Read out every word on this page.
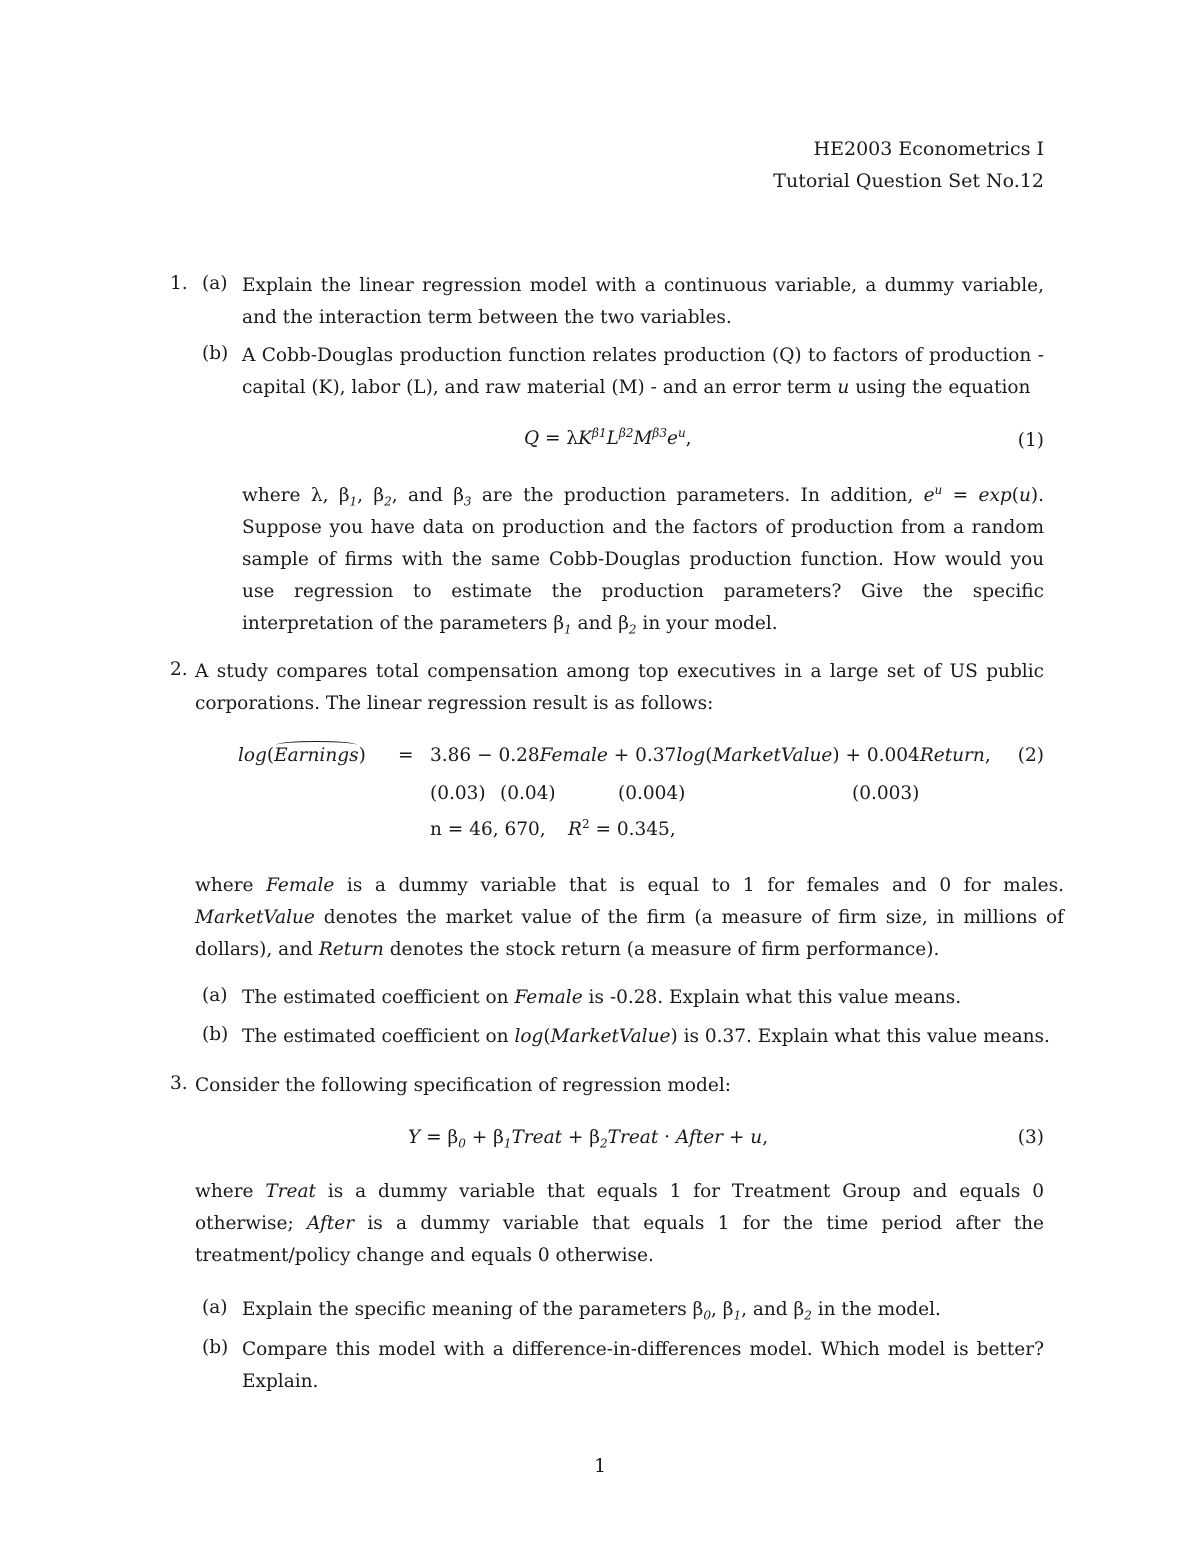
HE2003 Econometrics I
Tutorial Question Set No.12
1. (a) Explain the linear regression model with a continuous variable, a dummy variable, and the interaction term between the two variables.
(b) A Cobb-Douglas production function relates production (Q) to factors of production - capital (K), labor (L), and raw material (M) - and an error term u using the equation
$Q = \lambda K^{\beta 1}L^{\beta 2}M^{\beta 3}e^u$,	(1)
where λ, $\beta_1$, $\beta_2$, and $\beta_3$ are the production parameters. In addition, $e^u = \exp(u)$. Suppose you have data on production and the factors of production from a random sample of firms with the same Cobb-Douglas production function. How would you use regression to estimate the production parameters? Give the specific interpretation of the parameters $\beta_1$ and $\beta_2$ in your model.
2. A study compares total compensation among top executives in a large set of US public corporations. The linear regression result is as follows:
log(Earnings) = 3.86 − 0.28Female + 0.37log(MarketValue) + 0.004Return, (2)
(0.03) (0.04)	(0.004)	(0.003)
n = 46, 670, $R^2 = 0.345$,
where Female is a dummy variable that is equal to 1 for females and 0 for males. MarketValue denotes the market value of the firm (a measure of firm size, in millions of dollars), and Return denotes the stock return (a measure of firm performance).
(a) The estimated coefficient on Female is -0.28. Explain what this value means.
(b) The estimated coefficient on log(MarketValue) is 0.37. Explain what this value means.
3. Consider the following specification of regression model:
$Y = \beta_0$ + $\beta_1Treat$ + $\beta_2Treat$ · After + u,	(3)
where Treat is a dummy variable that equals 1 for Treatment Group and equals 0 otherwise; After is a dummy variable that equals 1 for the time period after the treatment/policy change and equals 0 otherwise.
(a) Explain the specific meaning of the parameters $\beta_0$, $\beta_1$, and $\beta_2$ in the model.
(b) Compare this model with a difference-in-differences model. Which model is better? Explain.
1
